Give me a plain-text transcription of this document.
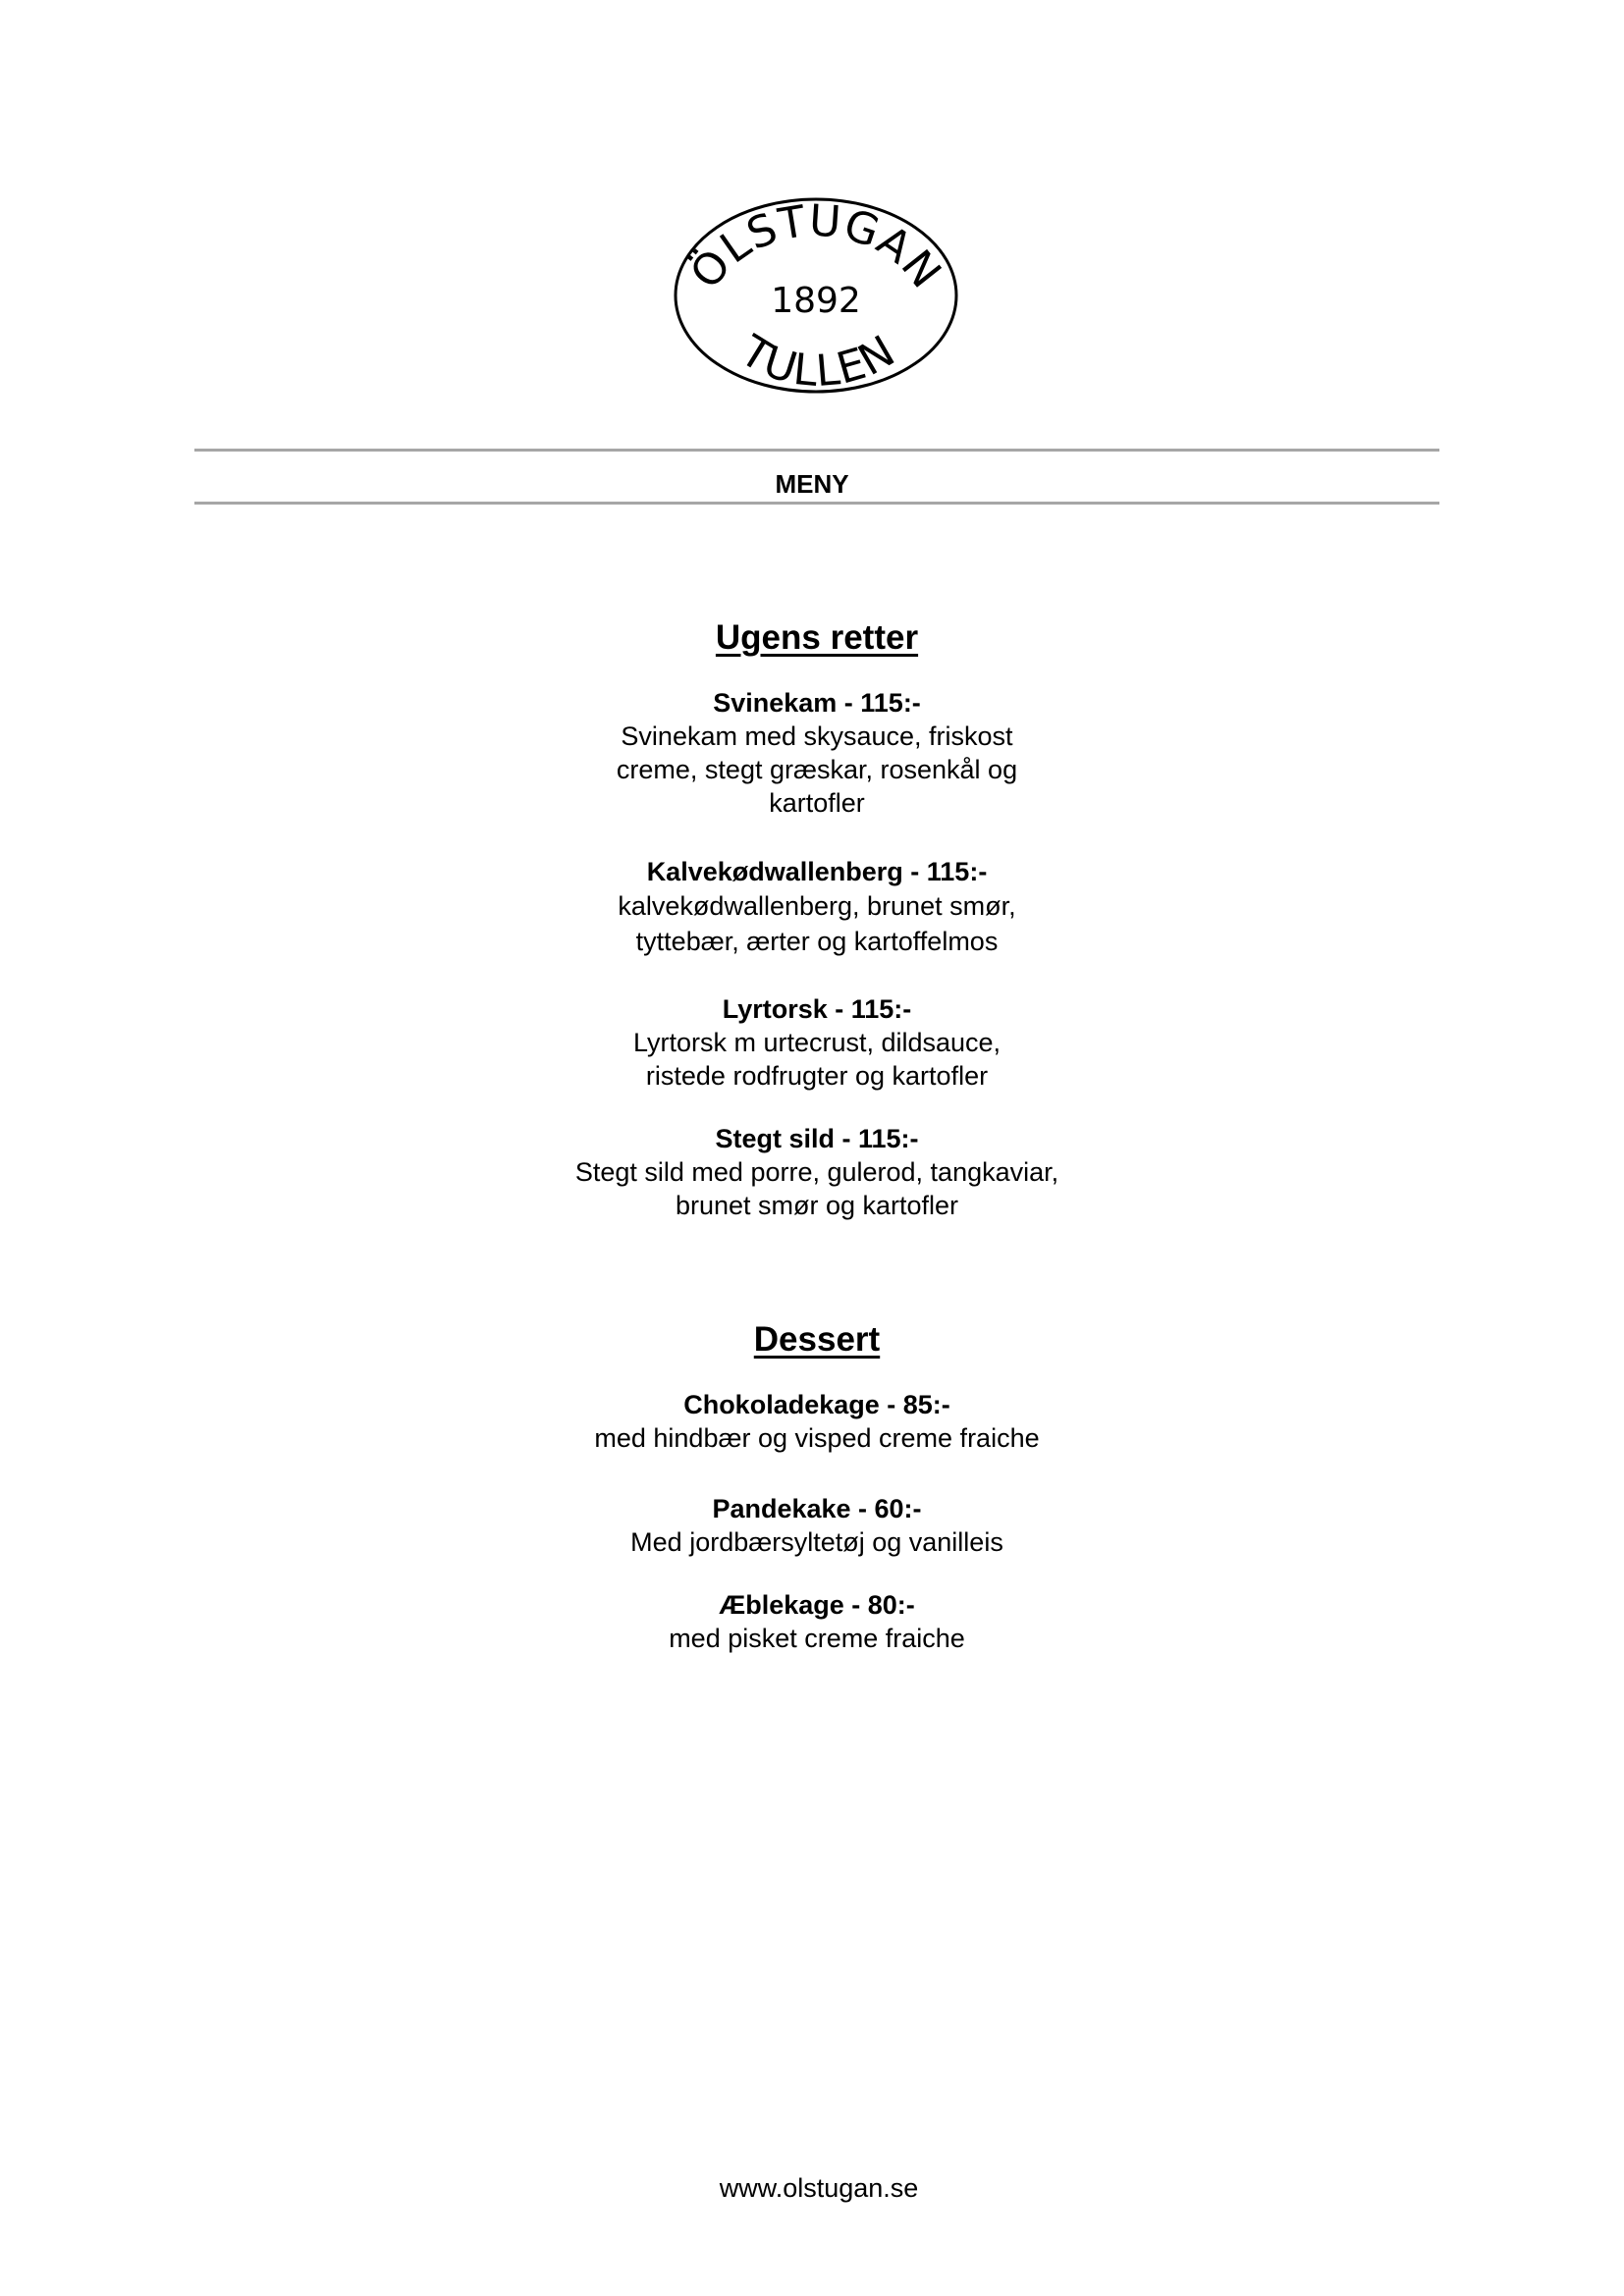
ÖLSTUGAN
1892
TULLEN
MENY
Ugens retter
Svinekam - 115:-
Svinekam med skysauce, friskost creme, stegt græskar, rosenkål og kartofler
Kalvekødwallenberg - 115:-
kalvekødwallenberg, brunet smør, tyttebær, ærter og kartoffelmos
Lyrtorsk - 115:-
Lyrtorsk m urtecrust, dildsauce, ristede rodfrugter og kartofler
Stegt sild - 115:-
Stegt sild med porre, gulerod, tangkaviar, brunet smør og kartofler
Dessert
Chokoladekage - 85:-
med hindbær og visped creme fraiche
Pandekake - 60:-
Med jordbærsyltetøj og vanilleis
Æblekage - 80:-
med pisket creme fraiche
www.olstugan.se
